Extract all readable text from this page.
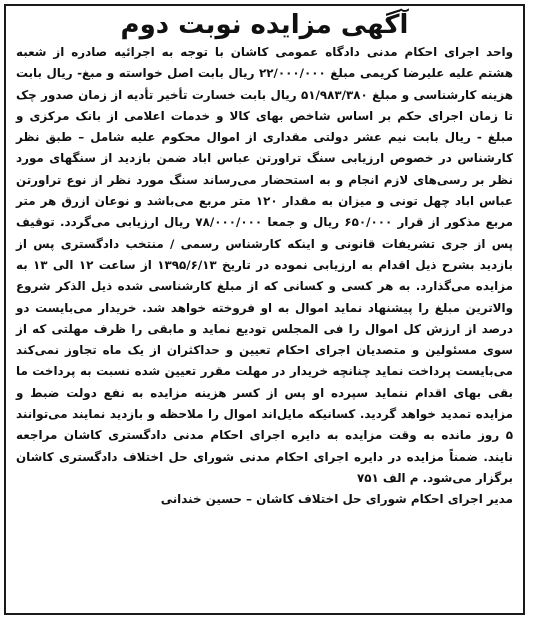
آگهی مزایده نوبت دوم

واحد اجرای احکام مدنی دادگاه عمومی کاشان با توجه به اجرائیه صادره از شعبه هشتم علیه علیرضا کریمی مبلغ ۲۲/۰۰۰/۰۰۰ ریال بابت اصل خواسته و مبغ- ریال بابت هزینه کارشناسی و مبلغ ۵۱/۹۸۳/۳۸۰ ریال بابت خسارت تأخیر تأدیه از زمان صدور چک تا زمان اجرای حکم بر اساس شاخص بهای کالا و خدمات اعلامی از بانک مرکزی و مبلغ - ریال بابت نیم عشر دولتی مقداری از اموال محکوم علیه شامل – طبق نظر کارشناس در خصوص ارزیابی سنگ تراورتن عباس اباد ضمن بازدید از سنگهای مورد نظر بر رسی‌های لازم انجام و به استحضار می‌رساند سنگ مورد نظر از نوع تراورتن عباس اباد چهل تونی و میزان به مقدار ۱۲۰ متر مربع می‌باشد و نوعان ازرق هر متر مربع مذکور از قرار ۶۵۰/۰۰۰ ریال و جمعا ۷۸/۰۰۰/۰۰۰ ریال ارزیابی می‌گردد. توقیف پس از جری تشریفات قانونی و اینکه کارشناس رسمی / منتخب دادگستری پس از بازدید بشرح ذیل اقدام به ارزیابی نموده در تاریخ ۱۳۹۵/۶/۱۳ از ساعت ۱۲ الی ۱۳ به مزایده می‌گذارد. به هر کسی و کسانی که از مبلغ کارشناسی شده ذیل الذکر شروع والاترین مبلغ را پیشنهاد نماید اموال به او فروخته خواهد شد. خریدار می‌بایست دو درصد از ارزش کل اموال را فی المجلس تودیع نماید و مابقی را ظرف مهلتی که از سوی مسئولین و متصدیان اجرای احکام تعیین و حداکثران از یک ماه تجاوز نمی‌کند می‌بایست پرداخت نماید چنانچه خریدار در مهلت مقرر تعیین شده نسبت به پرداخت ما بقی بهای اقدام ننماید سپرده او پس از کسر هزینه مزایده به نفع دولت ضبط و مزایده تمدید خواهد گردید. کسانیکه مایل‌اند اموال را ملاحظه و بازدید نمایند می‌توانند ۵ روز مانده به وقت مزایده به دایره اجرای احکام مدنی دادگستری کاشان مراجعه نایند. ضمناً مزایده در دایره اجرای احکام مدنی شورای حل اختلاف دادگستری کاشان برگزار می‌شود. م الف ۷۵۱

مدیر اجرای احکام شورای حل اختلاف کاشان – حسین خندانی
